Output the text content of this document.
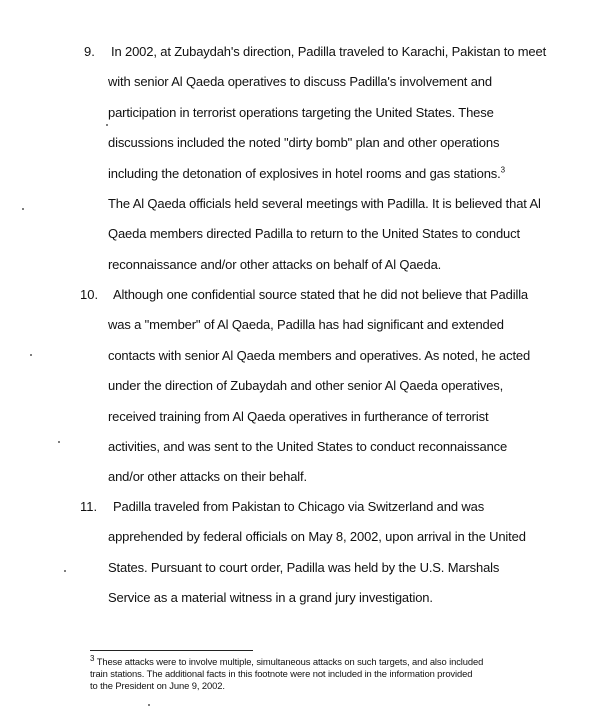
9. In 2002, at Zubaydah's direction, Padilla traveled to Karachi, Pakistan to meet
with senior Al Qaeda operatives to discuss Padilla's involvement and
participation in terrorist operations targeting the United States. These
discussions included the noted "dirty bomb" plan and other operations
including the detonation of explosives in hotel rooms and gas stations.$^3$
The Al Qaeda officials held several meetings with Padilla. It is believed that Al
Qaeda members directed Padilla to return to the United States to conduct
reconnaissance and/or other attacks on behalf of Al Qaeda.
10. Although one confidential source stated that he did not believe that Padilla
was a "member" of Al Qaeda, Padilla has had significant and extended
contacts with senior Al Qaeda members and operatives. As noted, he acted
under the direction of Zubaydah and other senior Al Qaeda operatives,
received training from Al Qaeda operatives in furtherance of terrorist
activities, and was sent to the United States to conduct reconnaissance
and/or other attacks on their behalf.
11. Padilla traveled from Pakistan to Chicago via Switzerland and was
apprehended by federal officials on May 8, 2002, upon arrival in the United
States. Pursuant to court order, Padilla was held by the U.S. Marshals
Service as a material witness in a grand jury investigation.
$^3$ These attacks were to involve multiple, simultaneous attacks on such targets, and also included
train stations. The additional facts in this footnote were not included in the information provided
to the President on June 9, 2002.
